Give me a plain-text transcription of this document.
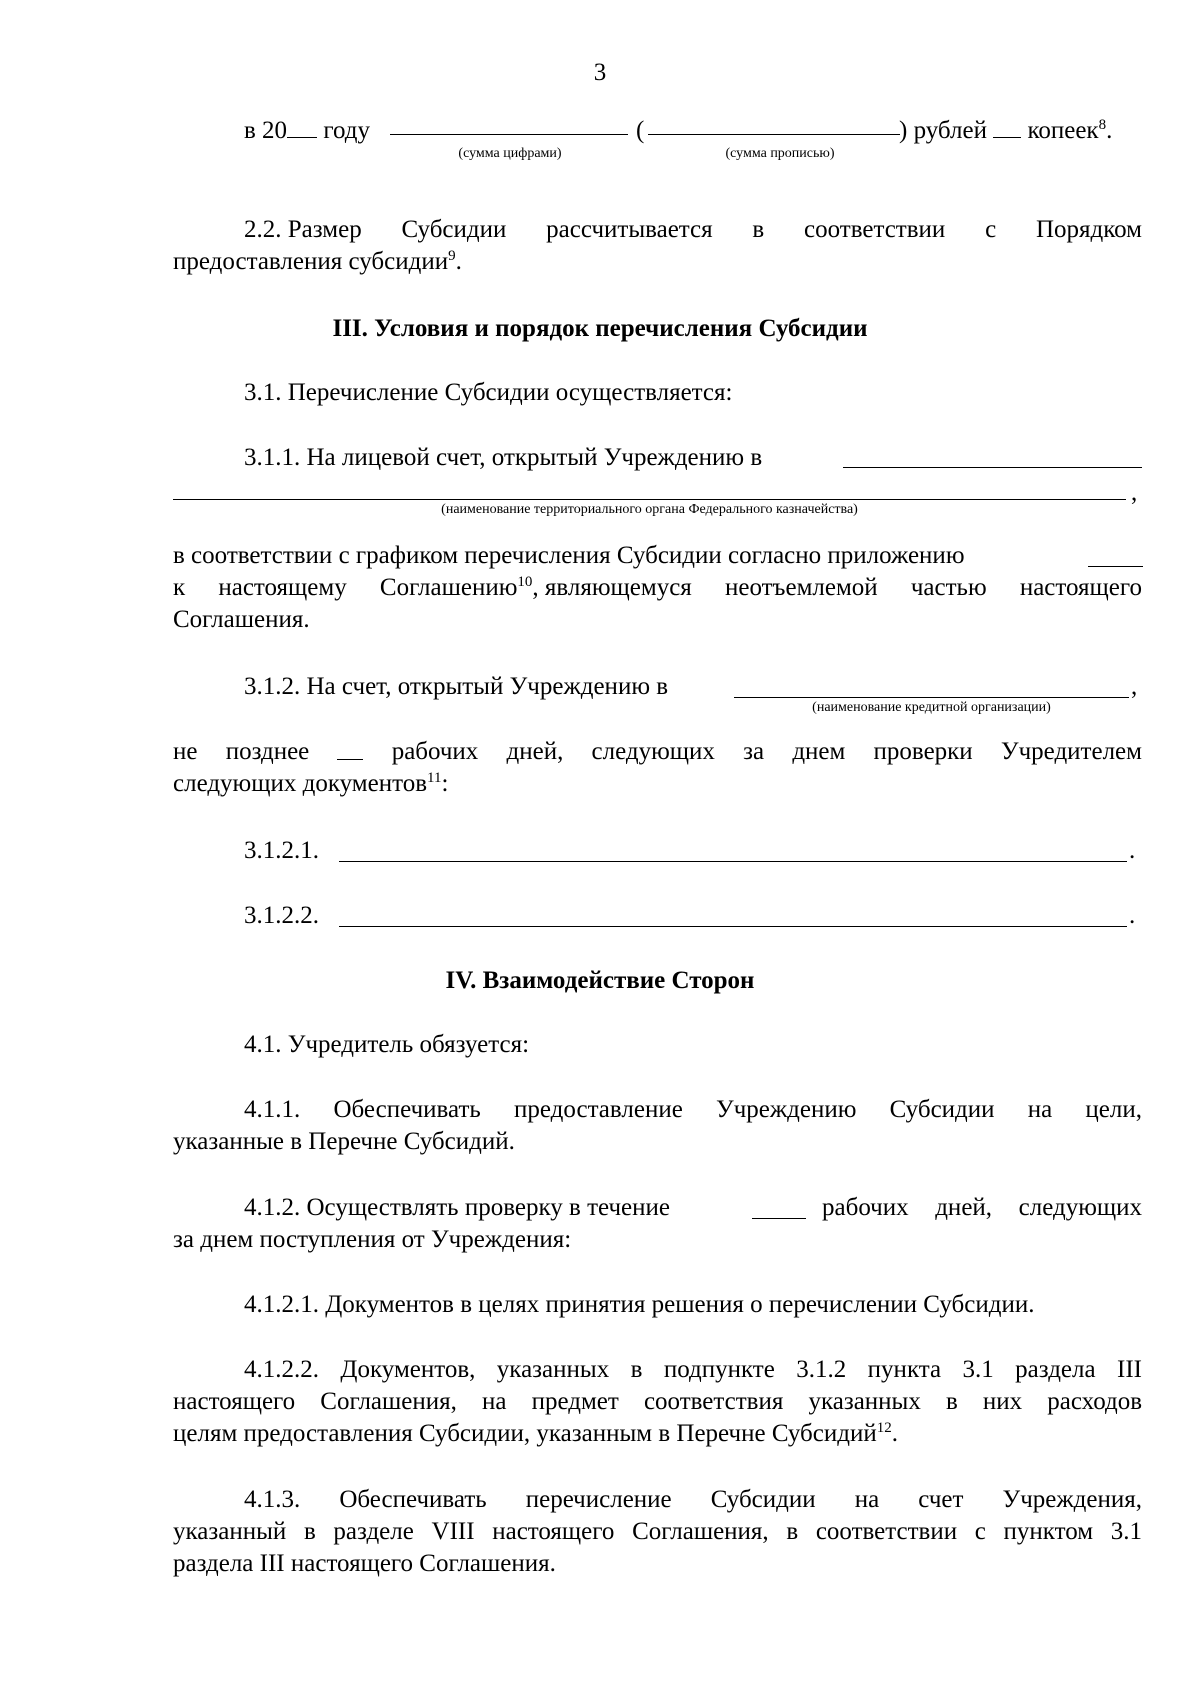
3
в 20 году	(	) рублей  копеек$^8$.
(сумма цифрами)	(сумма прописью)
2.2. Размер Субсидии рассчитывается в соответствии с Порядком
предоставления субсидии$^9$.
III. Условия и порядок перечисления Субсидии
3.1. Перечисление Субсидии осуществляется:
3.1.1. На лицевой счет, открытый Учреждению в
,
(наименование территориального органа Федерального казначейства)
в соответствии с графиком перечисления Субсидии согласно приложению
к настоящему Соглашению$^{10}$, являющемуся неотъемлемой частью настоящего
Соглашения.
3.1.2. На счет, открытый Учреждению в	,
(наименование кредитной организации)
не позднее	рабочих дней, следующих за днем проверки Учредителем
следующих документов$^{11}$:
3.1.2.1.	.
3.1.2.2.	.
IV. Взаимодействие Сторон
4.1. Учредитель обязуется:
4.1.1. Обеспечивать предоставление Учреждению Субсидии на цели,
указанные в Перечне Субсидий.
4.1.2. Осуществлять проверку в течение	рабочих дней, следующих
за днем поступления от Учреждения:
4.1.2.1. Документов в целях принятия решения о перечислении Субсидии.
4.1.2.2. Документов, указанных в подпункте 3.1.2 пункта 3.1 раздела III
настоящего Соглашения, на предмет соответствия указанных в них расходов
целям предоставления Субсидии, указанным в Перечне Субсидий$^{12}$.
4.1.3. Обеспечивать перечисление Субсидии на счет Учреждения,
указанный в разделе VIII настоящего Соглашения, в соответствии с пунктом 3.1
раздела III настоящего Соглашения.
